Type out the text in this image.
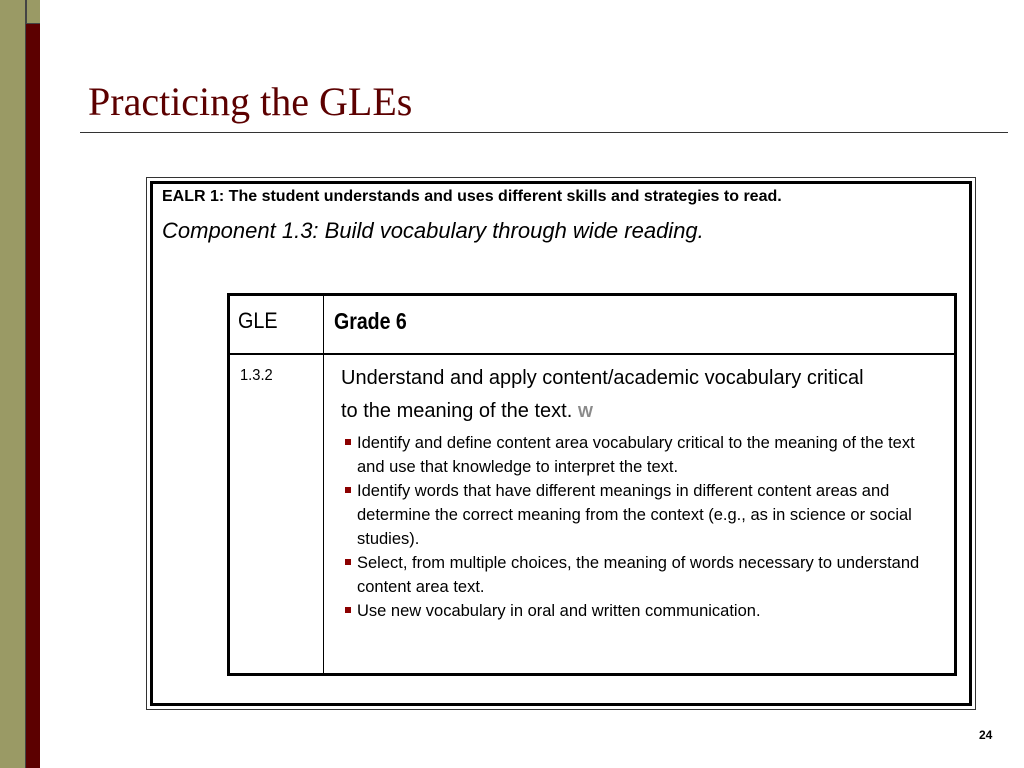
Practicing the GLEs
EALR 1: The student understands and uses different skills and strategies to read.
Component 1.3: Build vocabulary through wide reading.
GLE Grade 6
1.3.2	Understand and apply content/academic vocabulary critical to the meaning of the text. W
Identify and define content area vocabulary critical to the meaning of the text and use that knowledge to interpret the text.
Identify words that have different meanings in different content areas and determine the correct meaning from the context (e.g., as in science or social studies).
Select, from multiple choices, the meaning of words necessary to understand content area text.
Use new vocabulary in oral and written communication.
24
